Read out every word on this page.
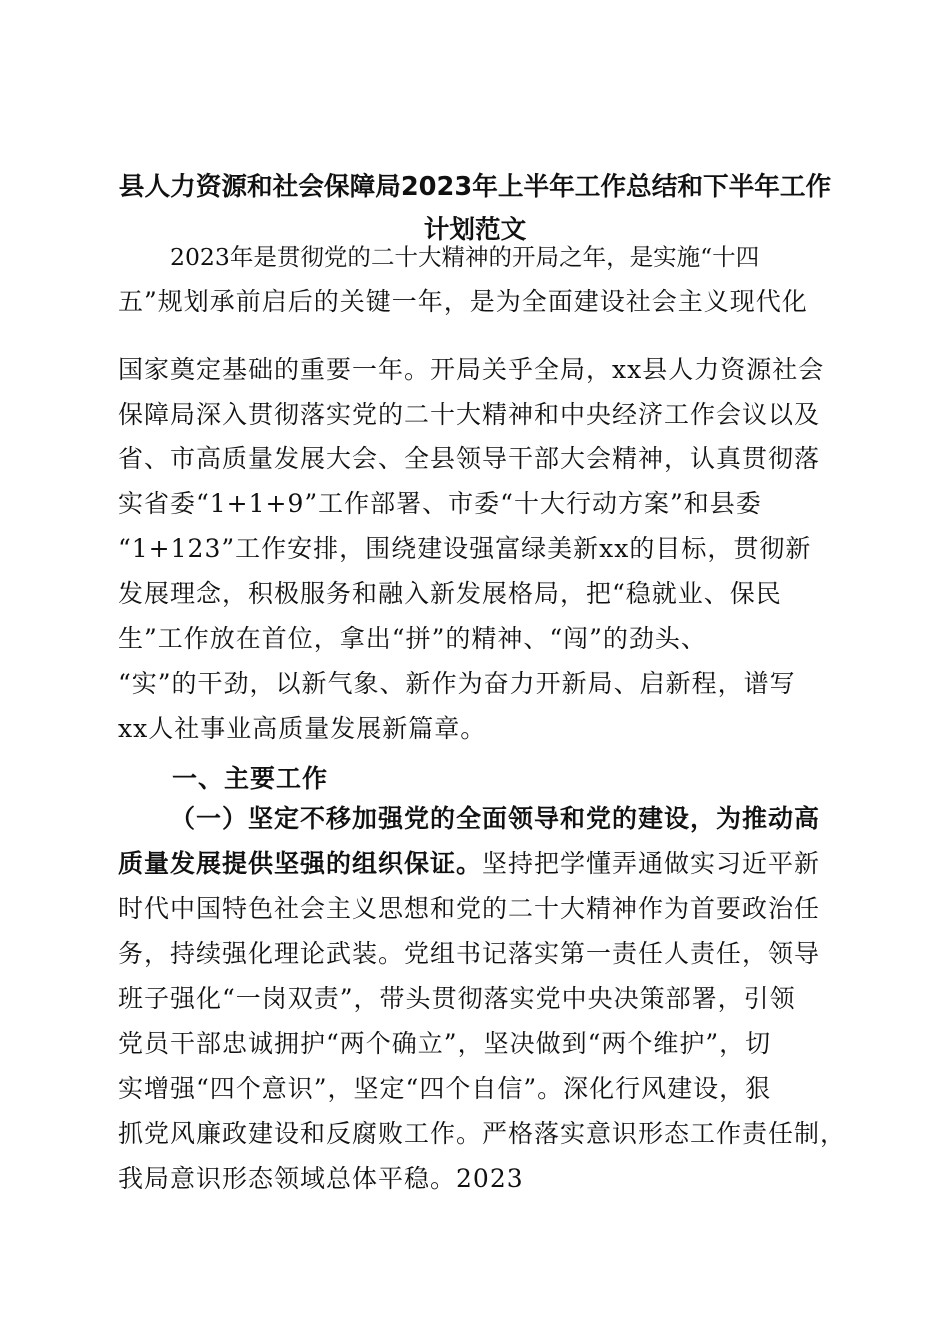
县人力资源和社会保障局2023年上半年工作总结和下半年工作
计划范文
2023年是贯彻党的二十大精神的开局之年，是实施“十四
五”规划承前启后的关键一年，是为全面建设社会主义现代化
国家奠定基础的重要一年。开局关乎全局，xx县人力资源社会
保障局深入贯彻落实党的二十大精神和中央经济工作会议以及
省、市高质量发展大会、全县领导干部大会精神，认真贯彻落
实省委“1+1+9”工作部署、市委“十大行动方案”和县委
“1+123”工作安排，围绕建设强富绿美新xx的目标，贯彻新
发展理念，积极服务和融入新发展格局，把“稳就业、保民
生”工作放在首位，拿出“拼”的精神、“闯”的劲头、
“实”的干劲，以新气象、新作为奋力开新局、启新程，谱写
xx人社事业高质量发展新篇章。
一、主要工作
（一）坚定不移加强党的全面领导和党的建设，为推动高
质量发展提供坚强的组织保证。坚持把学懂弄通做实习近平新
时代中国特色社会主义思想和党的二十大精神作为首要政治任
务，持续强化理论武装。党组书记落实第一责任人责任，领导
班子强化“一岗双责”，带头贯彻落实党中央决策部署，引领
党员干部忠诚拥护“两个确立”，坚决做到“两个维护”，切
实增强“四个意识”，坚定“四个自信”。深化行风建设，狠
抓党风廉政建设和反腐败工作。严格落实意识形态工作责任制，
我局意识形态领域总体平稳。2023
